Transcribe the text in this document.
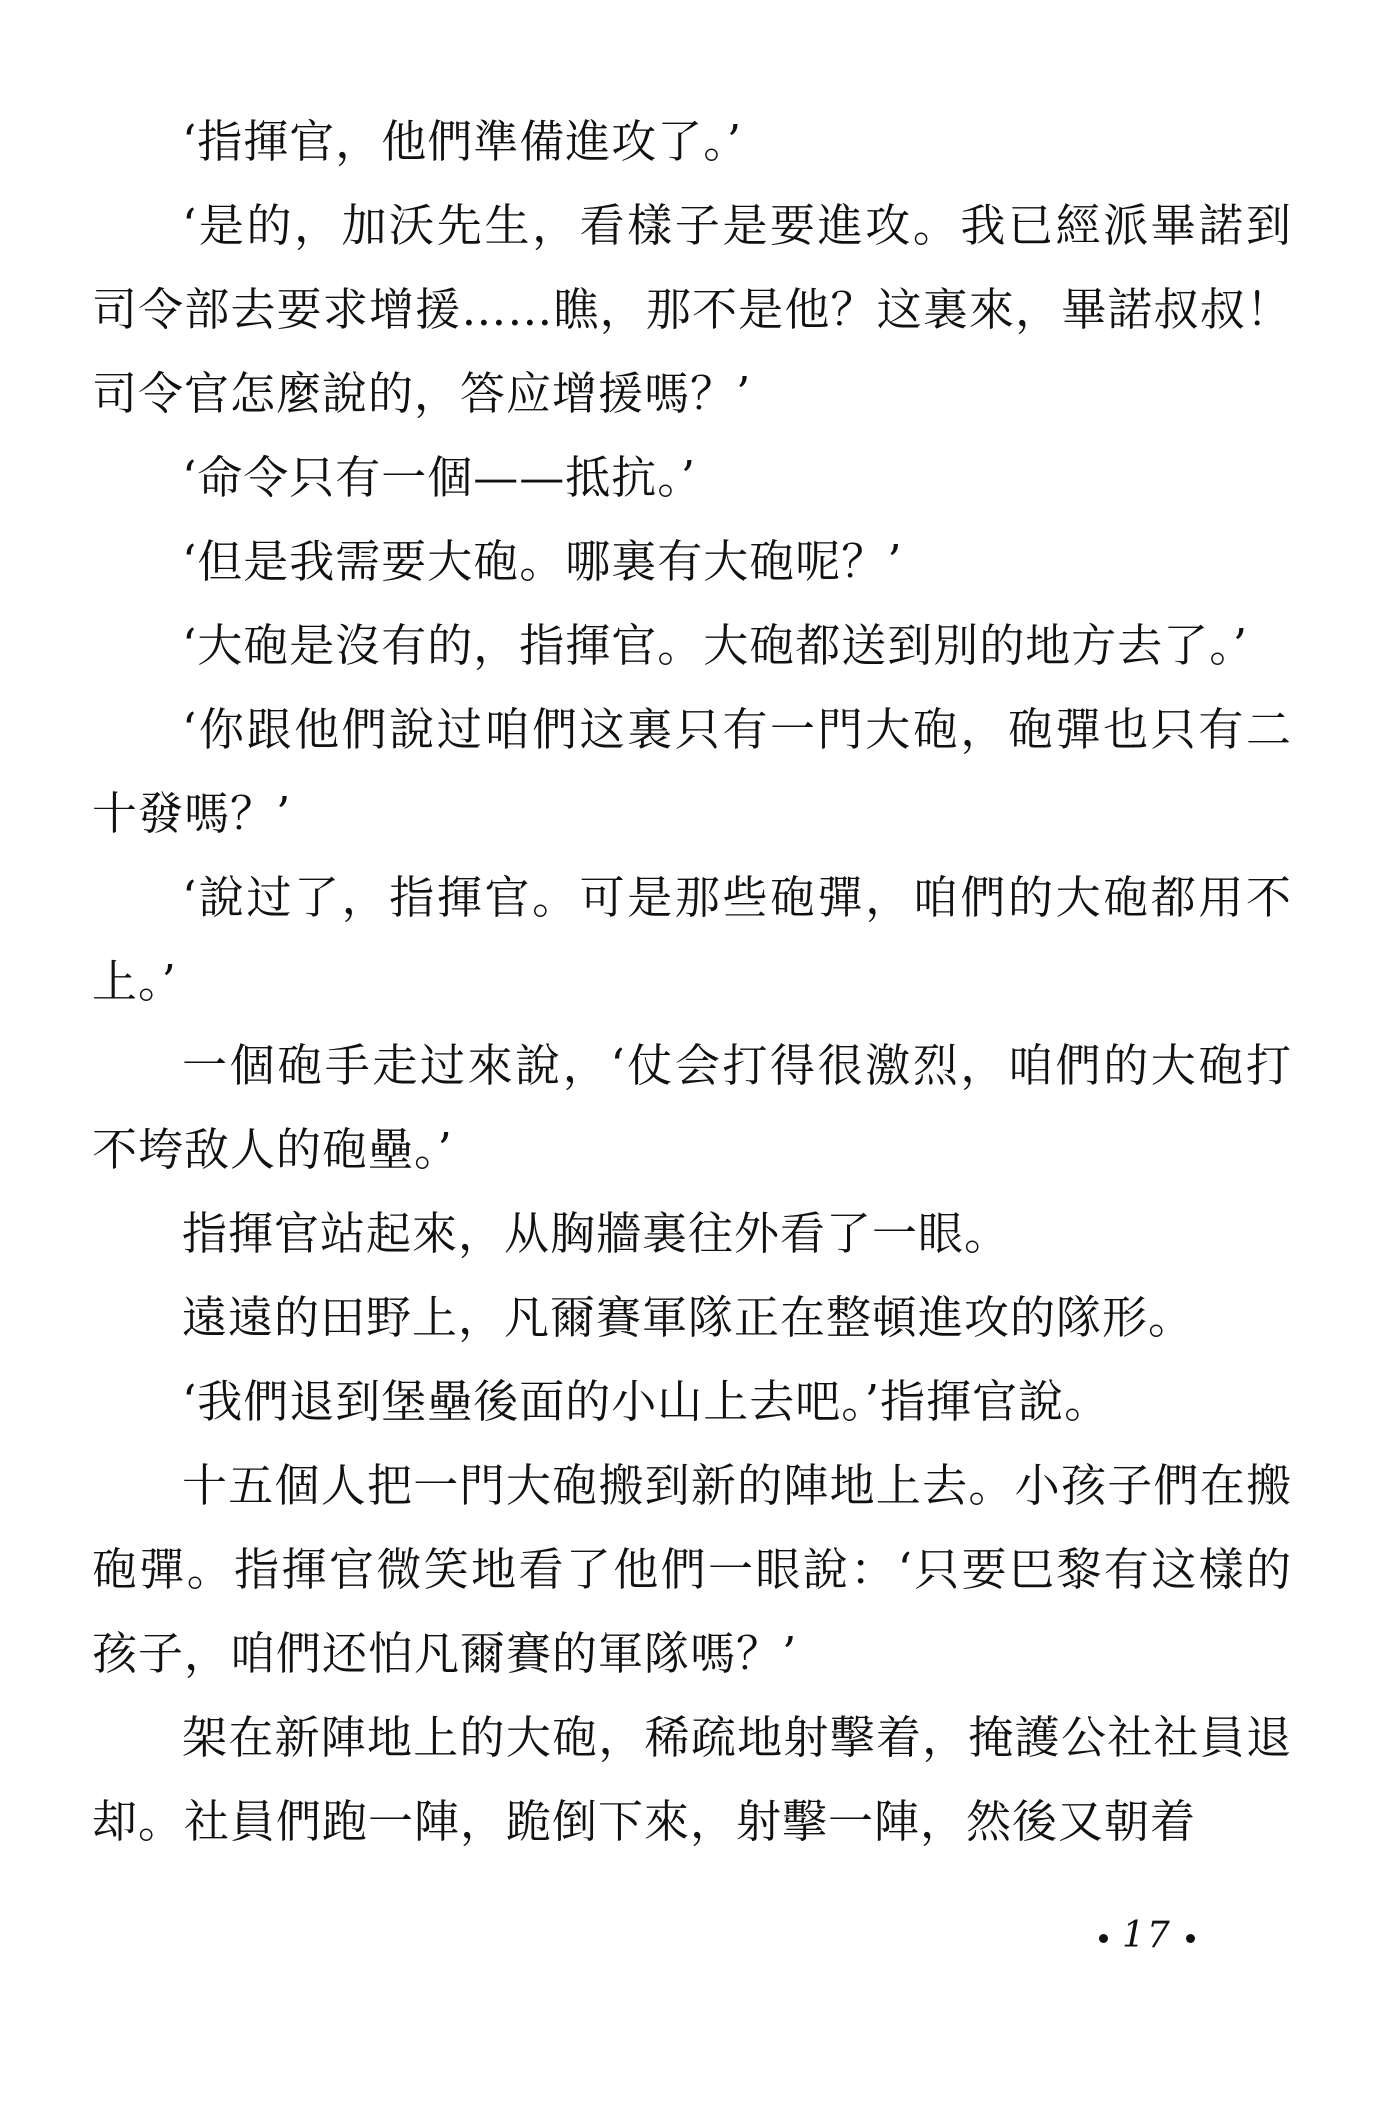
‘指揮官，他們準備進攻了。’

‘是的，加沃先生，看樣子是要進攻。我已經派畢諾到司令部去要求增援……瞧，那不是他？这裏來，畢諾叔叔！司令官怎麼說的，答应增援嗎？’

‘命令只有一個——抵抗。’

‘但是我需要大砲。哪裏有大砲呢？’

‘大砲是沒有的，指揮官。大砲都送到別的地方去了。’

‘你跟他們說过咱們这裏只有一門大砲，砲彈也只有二十發嗎？’

‘說过了，指揮官。可是那些砲彈，咱們的大砲都用不上。’

一個砲手走过來說，‘仗会打得很激烈，咱們的大砲打不垮敌人的砲壘。’

指揮官站起來，从胸牆裏往外看了一眼。

遠遠的田野上，凡爾賽軍隊正在整頓進攻的隊形。

‘我們退到堡壘後面的小山上去吧。’指揮官說。

十五個人把一門大砲搬到新的陣地上去。小孩子們在搬砲彈。指揮官微笑地看了他們一眼說：‘只要巴黎有这樣的孩子，咱們还怕凡爾賽的軍隊嗎？’

架在新陣地上的大砲，稀疏地射擊着，掩護公社社員退却。社員們跑一陣，跪倒下來，射擊一陣，然後又朝着

17
